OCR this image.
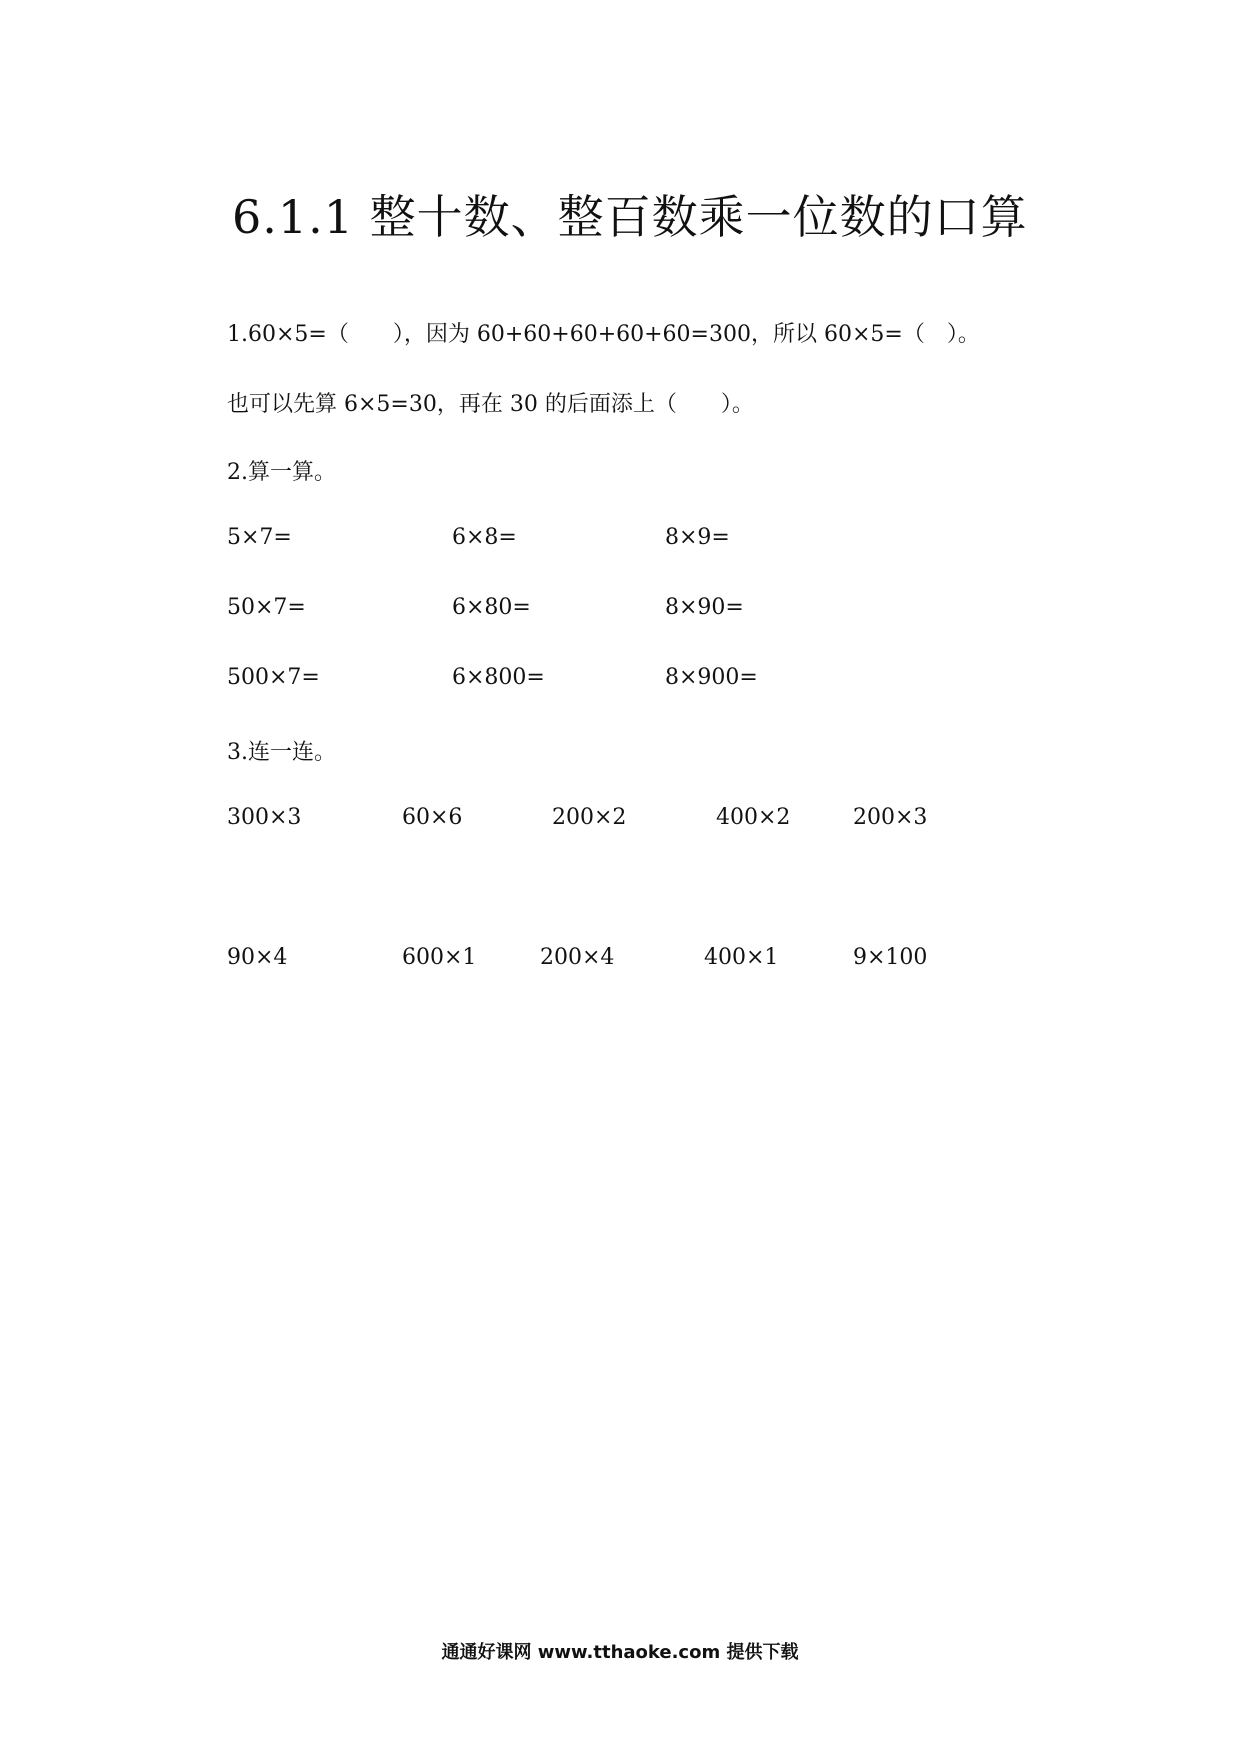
6.1.1 整十数、整百数乘一位数的口算
1.60×5=（　　），因为 60+60+60+60+60=300，所以 60×5=（　）。
也可以先算 6×5=30，再在 30 的后面添上（　　）。
2.算一算。
5×7=	6×8=	8×9=
50×7=	6×80=	8×90=
500×7=	6×800=	8×900=
3.连一连。
300×3	60×6	200×2	400×2	200×3
90×4	600×1	200×4	400×1	9×100
通通好课网 www.tthaoke.com 提供下载
